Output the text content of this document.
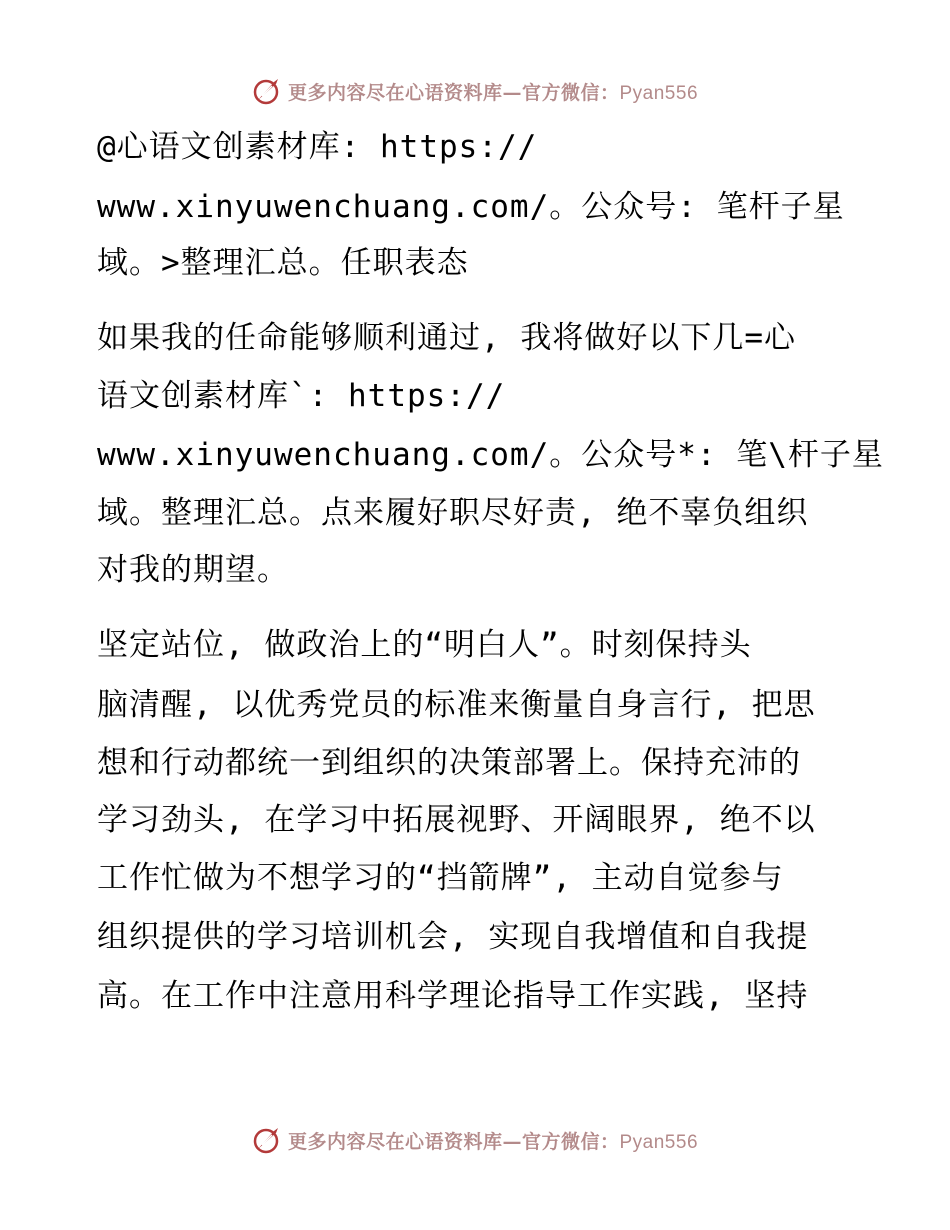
更多内容尽在心语资料库—官方微信：Pyan556
@心语文创素材库: https://
www.xinyuwenchuang.com/。公众号: 笔杆子星
域。>整理汇总。任职表态
如果我的任命能够顺利通过, 我将做好以下几=心
语文创素材库`: https://
www.xinyuwenchuang.com/。公众号*: 笔\杆子星
域。整理汇总。点来履好职尽好责, 绝不辜负组织
对我的期望。
坚定站位, 做政治上的“明白人”。时刻保持头
脑清醒, 以优秀党员的标准来衡量自身言行, 把思
想和行动都统一到组织的决策部署上。保持充沛的
学习劲头, 在学习中拓展视野、开阔眼界, 绝不以
工作忙做为不想学习的“挡箭牌”, 主动自觉参与
组织提供的学习培训机会, 实现自我增值和自我提
高。在工作中注意用科学理论指导工作实践, 坚持
更多内容尽在心语资料库—官方微信：Pyan556
